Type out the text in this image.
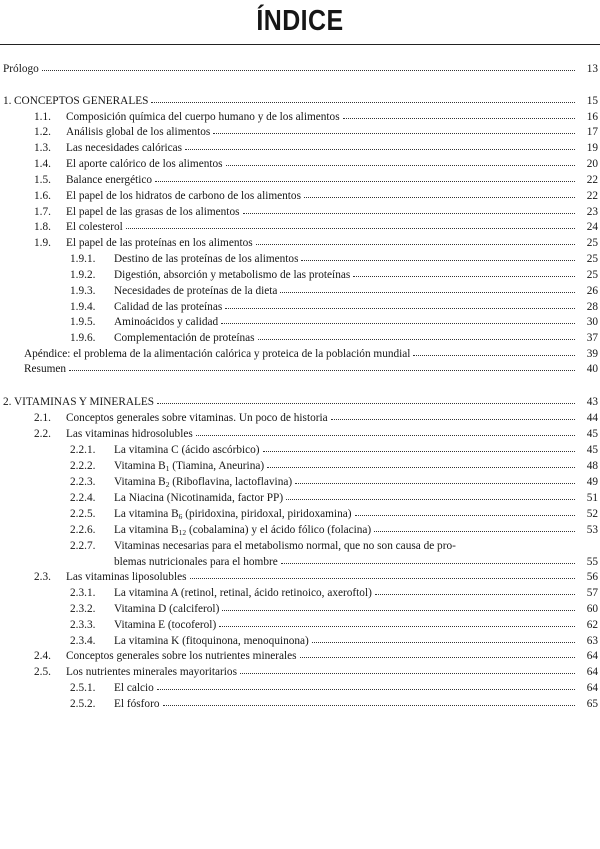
ÍNDICE
Prólogo	13
1. CONCEPTOS GENERALES	15
1.1.	Composición química del cuerpo humano y de los alimentos	16
1.2.	Análisis global de los alimentos	17
1.3.	Las necesidades calóricas	19
1.4.	El aporte calórico de los alimentos	20
1.5.	Balance energético	22
1.6.	El papel de los hidratos de carbono de los alimentos	22
1.7.	El papel de las grasas de los alimentos	23
1.8.	El colesterol	24
1.9.	El papel de las proteínas en los alimentos	25
1.9.1.	Destino de las proteínas de los alimentos	25
1.9.2.	Digestión, absorción y metabolismo de las proteínas	25
1.9.3.	Necesidades de proteínas de la dieta	26
1.9.4.	Calidad de las proteínas	28
1.9.5.	Aminoácidos y calidad	30
1.9.6.	Complementación de proteínas	37
Apéndice: el problema de la alimentación calórica y proteica de la población mundial	39
Resumen	40
2. VITAMINAS Y MINERALES	43
2.1.	Conceptos generales sobre vitaminas. Un poco de historia	44
2.2.	Las vitaminas hidrosolubles	45
2.2.1.	La vitamina C (ácido ascórbico)	45
2.2.2.	Vitamina $B_1$ (Tiamina, Aneurina)	48
2.2.3.	Vitamina $B_2$ (Riboflavina, lactoflavina)	49
2.2.4.	La Niacina (Nicotinamida, factor PP)	51
2.2.5.	La vitamina $B_6$ (piridoxina, piridoxal, piridoxamina)	52
2.2.6.	La vitamina $B_{12}$ (cobalamina) y el ácido fólico (folacina)	53
2.2.7.	Vitaminas necesarias para el metabolismo normal, que no son causa de pro-
blemas nutricionales para el hombre	55
2.3.	Las vitaminas liposolubles	56
2.3.1.	La vitamina A (retinol, retinal, ácido retinoico, axeroftol)	57
2.3.2.	Vitamina D (calciferol)	60
2.3.3.	Vitamina E (tocoferol)	62
2.3.4.	La vitamina K (fitoquinona, menoquinona)	63
2.4.	Conceptos generales sobre los nutrientes minerales	64
2.5.	Los nutrientes minerales mayoritarios	64
2.5.1.	El calcio	64
2.5.2.	El fósforo	65
